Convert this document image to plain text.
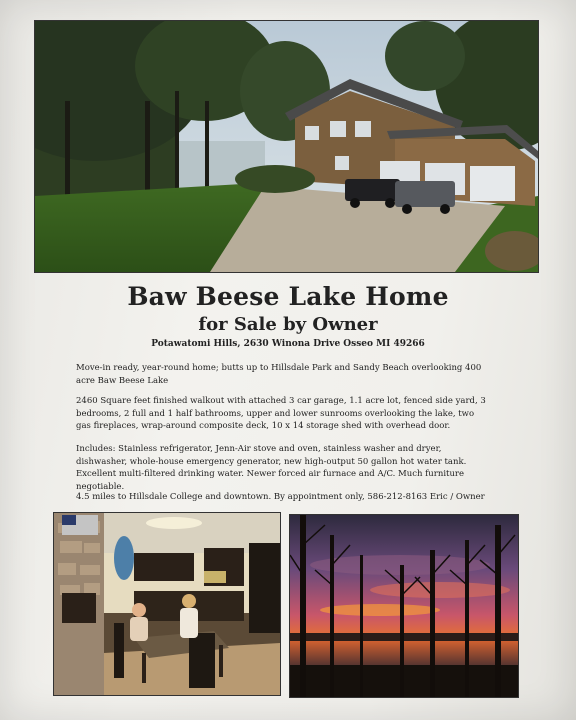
Baw Beese Lake Home
for Sale by Owner

Potawatomi Hills, 2630 Winona Drive Osseo MI 49266

Move-in ready, year-round home; butts up to Hillsdale Park and Sandy Beach overlooking 400 acre Baw Beese Lake

2460 Square feet finished walkout with attached 3 car garage, 1.1 acre lot, fenced side yard, 3 bedrooms, 2 full and 1 half bathrooms, upper and lower sunrooms overlooking the lake, two gas fireplaces, wrap-around composite deck, 10 x 14 storage shed with overhead door.

Includes: Stainless refrigerator, Jenn-Air stove and oven, stainless washer and dryer, dishwasher, whole-house emergency generator, new high-output 50 gallon hot water tank. Excellent multi-filtered drinking water. Newer forced air furnace and A/C. Much furniture negotiable.

4.5 miles to Hillsdale College and downtown. By appointment only, 586-212-8163 Eric / Owner
